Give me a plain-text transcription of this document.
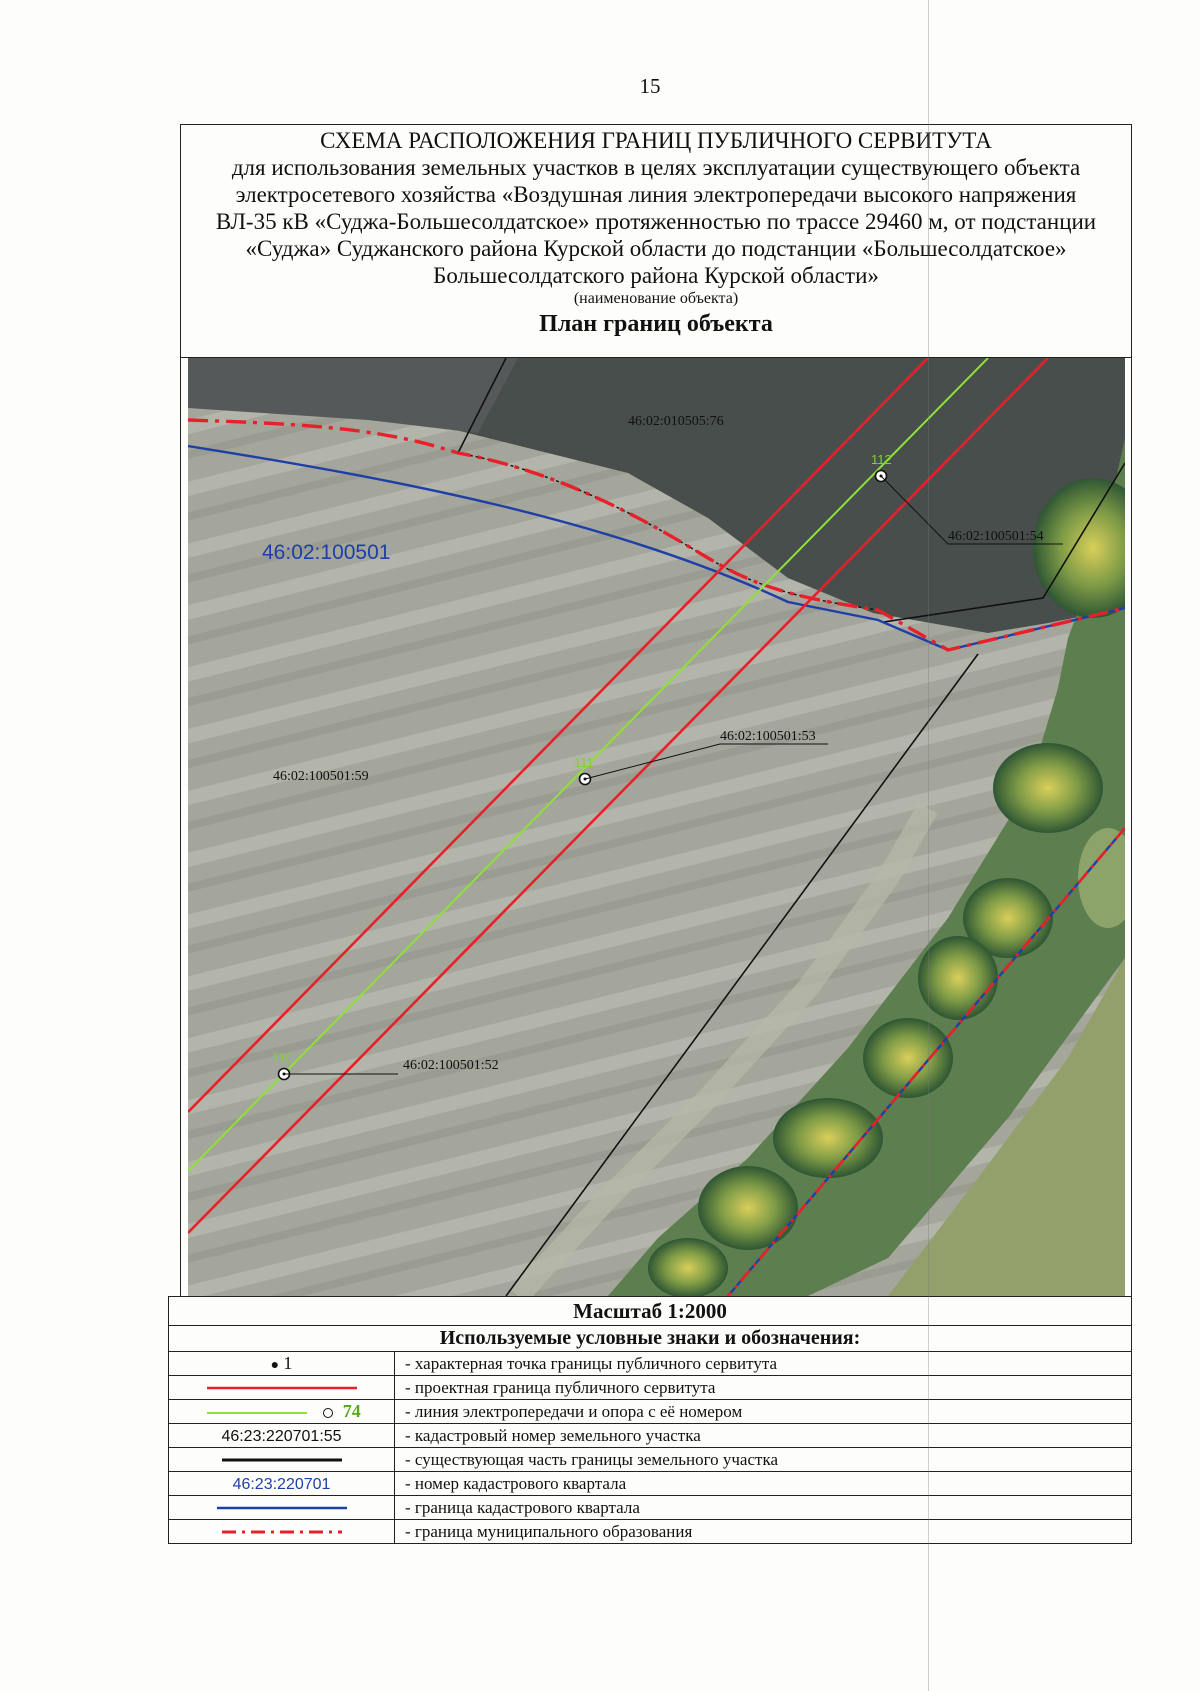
15
СХЕМА РАСПОЛОЖЕНИЯ ГРАНИЦ ПУБЛИЧНОГО СЕРВИТУТА
для использования земельных участков в целях эксплуатации существующего объекта
электросетевого хозяйства «Воздушная линия электропередачи высокого напряжения
ВЛ-35 кВ «Суджа-Большесолдатское» протяженностью по трассе 29460 м, от подстанции
«Суджа» Суджанского района Курской области до подстанции «Большесолдатское»
Большесолдатского района Курской области»
(наименование объекта)
План границ объекта
112
111
110
46:02:010505:76
46:02:100501:54
46:02:100501:53
46:02:100501:59
46:02:100501:52
46:02:100501
Масштаб 1:2000
Используемые условные знаки и обозначения:
● 1	- характерная точка границы публичного сервитута
	- проектная граница публичного сервитута
74	- линия электропередачи и опора с её номером
46:23:220701:55	- кадастровый номер земельного участка
	- существующая часть границы земельного участка
46:23:220701	- номер кадастрового квартала
	- граница кадастрового квартала
	- граница муниципального образования
